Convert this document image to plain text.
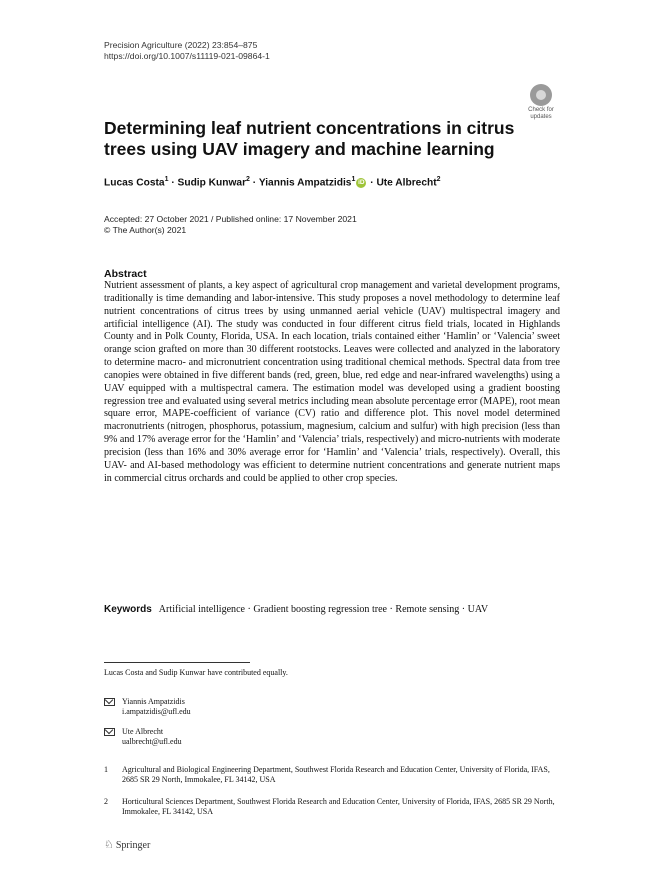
Precision Agriculture (2022) 23:854–875
https://doi.org/10.1007/s11119-021-09864-1
Check for
updates
Determining leaf nutrient concentrations in citrus trees using UAV imagery and machine learning
Lucas Costa$^1$ · Sudip Kunwar$^2$ · Yiannis Ampatzidis$^1$ iD · Ute Albrecht$^2$
Accepted: 27 October 2021 / Published online: 17 November 2021
© The Author(s) 2021
Abstract
Nutrient assessment of plants, a key aspect of agricultural crop management and varietal development programs, traditionally is time demanding and labor-intensive. This study proposes a novel methodology to determine leaf nutrient concentrations of citrus trees by using unmanned aerial vehicle (UAV) multispectral imagery and artificial intelligence (AI). The study was conducted in four different citrus field trials, located in Highlands County and in Polk County, Florida, USA. In each location, trials contained either ‘Hamlin’ or ‘Valencia’ sweet orange scion grafted on more than 30 different rootstocks. Leaves were collected and analyzed in the laboratory to determine macro- and micronutrient concentration using traditional chemical methods. Spectral data from tree canopies were obtained in five different bands (red, green, blue, red edge and near-infrared wavelengths) using a UAV equipped with a multispectral camera. The estimation model was developed using a gradient boosting regression tree and evaluated using several metrics including mean absolute percentage error (MAPE), root mean square error, MAPE-coefficient of variance (CV) ratio and difference plot. This novel model determined macronutrients (nitrogen, phosphorus, potassium, magnesium, calcium and sulfur) with high precision (less than 9% and 17% average error for the ‘Hamlin’ and ‘Valencia’ trials, respectively) and micro-nutrients with moderate precision (less than 16% and 30% average error for ‘Hamlin’ and ‘Valencia’ trials, respectively). Overall, this UAV- and AI-based methodology was efficient to determine nutrient concentrations and generate nutrient maps in commercial citrus orchards and could be applied to other crop species.
Keywords Artificial intelligence · Gradient boosting regression tree · Remote sensing · UAV
Lucas Costa and Sudip Kunwar have contributed equally.
Yiannis Ampatzidis
i.ampatzidis@ufl.edu
Ute Albrecht
ualbrecht@ufl.edu
1 Agricultural and Biological Engineering Department, Southwest Florida Research and Education Center, University of Florida, IFAS, 2685 SR 29 North, Immokalee, FL 34142, USA
2 Horticultural Sciences Department, Southwest Florida Research and Education Center, University of Florida, IFAS, 2685 SR 29 North, Immokalee, FL 34142, USA
♘ Springer
